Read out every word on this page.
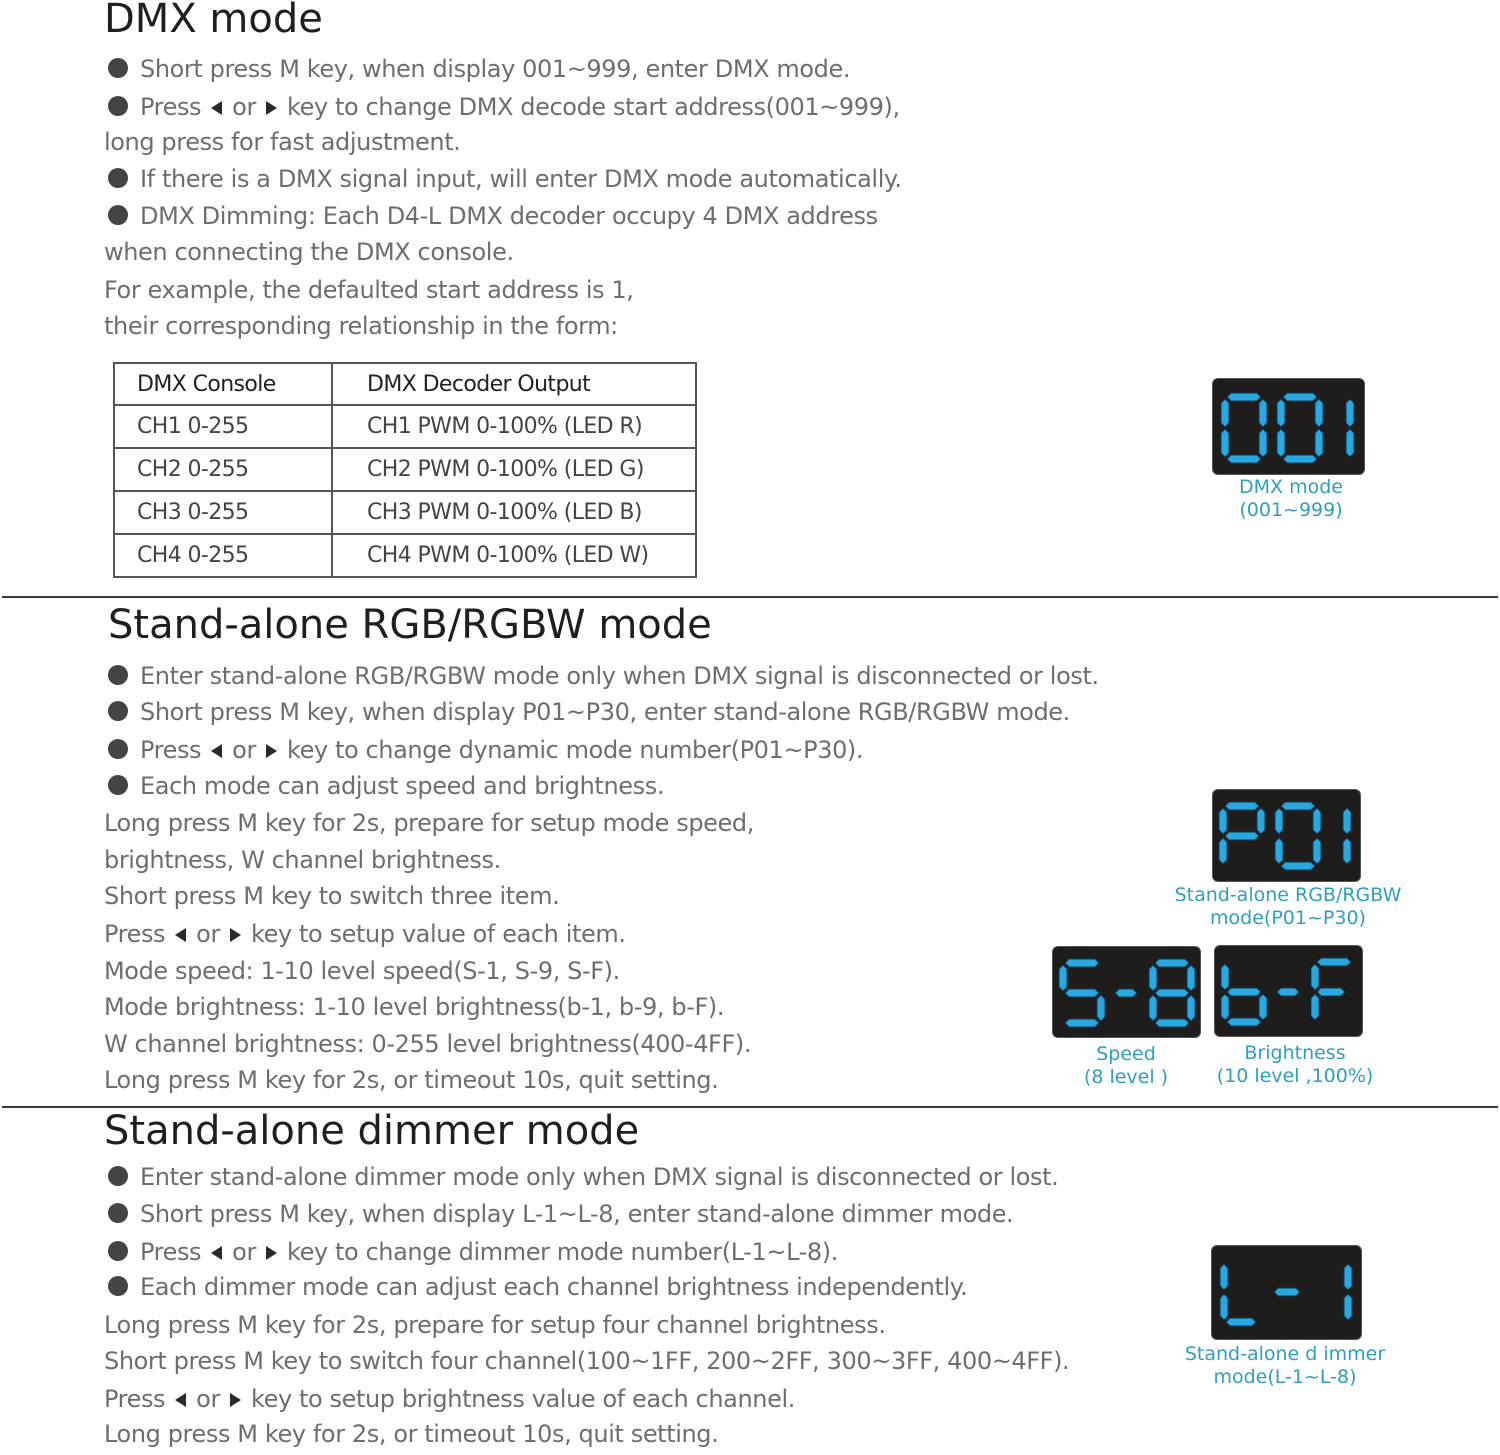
DMX mode
Short press M key, when display 001~999, enter DMX mode.
Press or key to change DMX decode start address(001~999),
long press for fast adjustment.
If there is a DMX signal input, will enter DMX mode automatically.
DMX Dimming: Each D4-L DMX decoder occupy 4 DMX address
when connecting the DMX console.
For example, the defaulted start address is 1,
their corresponding relationship in the form:
DMX Console	DMX Decoder Output
CH1 0-255	CH1 PWM 0-100% (LED R)
CH2 0-255	CH2 PWM 0-100% (LED G)
CH3 0-255	CH3 PWM 0-100% (LED B)
CH4 0-255	CH4 PWM 0-100% (LED W)
DMX mode
(001~999)
Stand-alone RGB/RGBW mode
Enter stand-alone RGB/RGBW mode only when DMX signal is disconnected or lost.
Short press M key, when display P01~P30, enter stand-alone RGB/RGBW mode.
Press or key to change dynamic mode number(P01~P30).
Each mode can adjust speed and brightness.
Long press M key for 2s, prepare for setup mode speed,
brightness, W channel brightness.
Short press M key to switch three item.
Press or key to setup value of each item.
Mode speed: 1-10 level speed(S-1, S-9, S-F).
Mode brightness: 1-10 level brightness(b-1, b-9, b-F).
W channel brightness: 0-255 level brightness(400-4FF).
Long press M key for 2s, or timeout 10s, quit setting.
Stand-alone RGB/RGBW
mode(P01~P30)
Speed
(8 level )
Brightness
(10 level ,100%)
Stand-alone dimmer mode
Enter stand-alone dimmer mode only when DMX signal is disconnected or lost.
Short press M key, when display L-1~L-8, enter stand-alone dimmer mode.
Press or key to change dimmer mode number(L-1~L-8).
Each dimmer mode can adjust each channel brightness independently.
Long press M key for 2s, prepare for setup four channel brightness.
Short press M key to switch four channel(100~1FF, 200~2FF, 300~3FF, 400~4FF).
Press or key to setup brightness value of each channel.
Long press M key for 2s, or timeout 10s, quit setting.
Stand-alone d immer
mode(L-1~L-8)
